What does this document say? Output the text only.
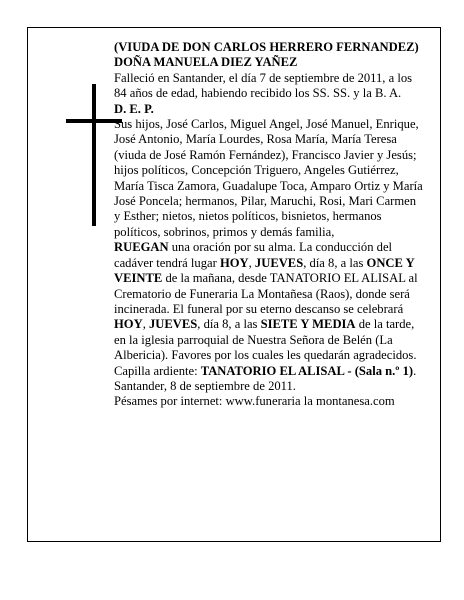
(VIUDA DE DON CARLOS HERRERO FERNANDEZ)

DOÑA MANUELA DIEZ YAÑEZ

Falleció en Santander, el día 7 de septiembre de 2011, a los 84 años de edad, habiendo recibido los SS. SS. y la B. A.

D. E. P.

Sus hijos, José Carlos, Miguel Angel, José Manuel, Enrique, José Antonio, María Lourdes, Rosa María, María Teresa (viuda de José Ramón Fernández), Francisco Javier y Jesús; hijos políticos, Concepción Triguero, Angeles Gutiérrez, María Tisca Zamora, Guadalupe Toca, Amparo Ortiz y María José Poncela; hermanos, Pilar, Maruchi, Rosi, Mari Carmen y Esther; nietos, nietos políticos, bisnietos, hermanos políticos, sobrinos, primos y demás familia,

RUEGAN una oración por su alma. La conducción del cadáver tendrá lugar HOY, JUEVES, día 8, a las ONCE Y VEINTE de la mañana, desde TANATORIO EL ALISAL al Crematorio de Funeraria La Montañesa (Raos), donde será incinerada. El funeral por su eterno descanso se celebrará HOY, JUEVES, día 8, a las SIETE Y MEDIA de la tarde, en la iglesia parroquial de Nuestra Señora de Belén (La Albericia). Favores por los cuales les quedarán agradecidos.

Capilla ardiente: TANATORIO EL ALISAL - (Sala n.º 1).

Santander, 8 de septiembre de 2011.

Pésames por internet: www.funeraria la montanesa.com
